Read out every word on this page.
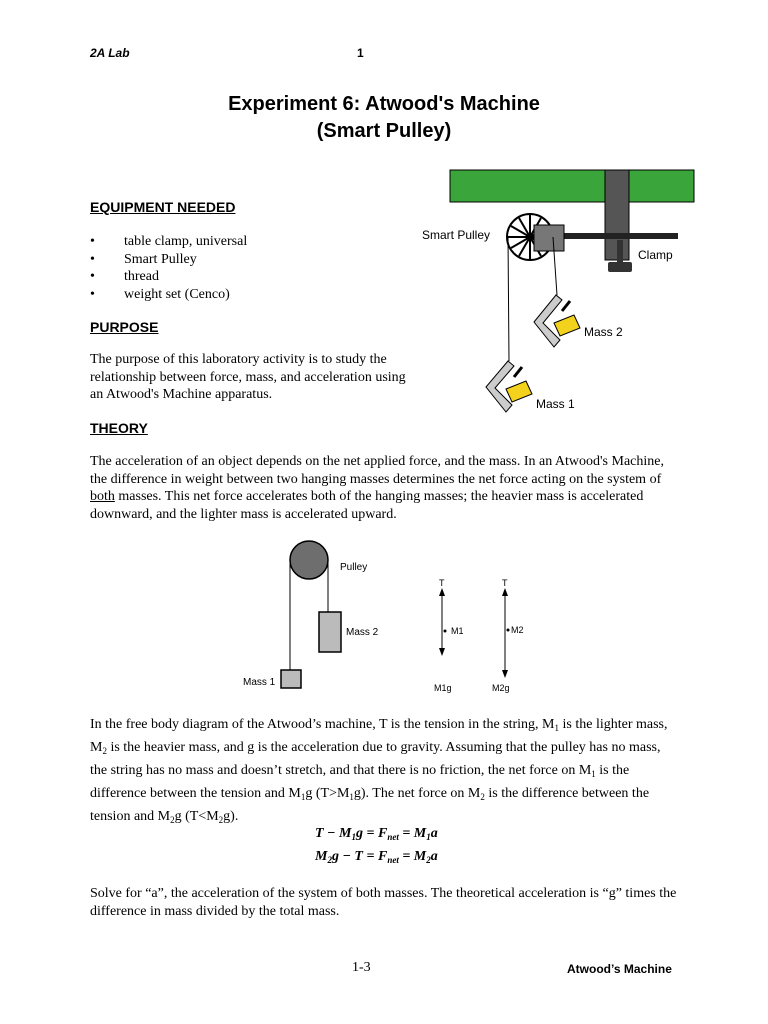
2A Lab	1
Experiment 6: Atwood's Machine
(Smart Pulley)
EQUIPMENT NEEDED
• table clamp, universal
• Smart Pulley
• thread
• weight set (Cenco)
PURPOSE
The purpose of this laboratory activity is to study the relationship between force, mass, and acceleration using an Atwood's Machine apparatus.
Smart Pulley
Clamp
Mass 2
Mass 1
THEORY
The acceleration of an object depends on the net applied force, and the mass. In an Atwood's Machine, the difference in weight between two hanging masses determines the net force acting on the system of both masses. This net force accelerates both of the hanging masses; the heavier mass is accelerated downward, and the lighter mass is accelerated upward.
Pulley
Mass 2
Mass 1
T	T
M1	M2
M1g	M2g
In the free body diagram of the Atwood’s machine, T is the tension in the string, $M_1$ is the lighter mass, $M_2$ is the heavier mass, and g is the acceleration due to gravity. Assuming that the pulley has no mass, the string has no mass and doesn’t stretch, and that there is no friction, the net force on $M_1$ is the difference between the tension and $M_1g$ $(T>M_1g)$. The net force on $M_2$ is the difference between the tension and $M_2g$ $(T<M_2g)$.
$T - M_1g = F_{net} = M_1a$
$M_2g - T = F_{net} = M_2a$
Solve for “a”, the acceleration of the system of both masses. The theoretical acceleration is “g” times the difference in mass divided by the total mass.
1-3	Atwood’s Machine
